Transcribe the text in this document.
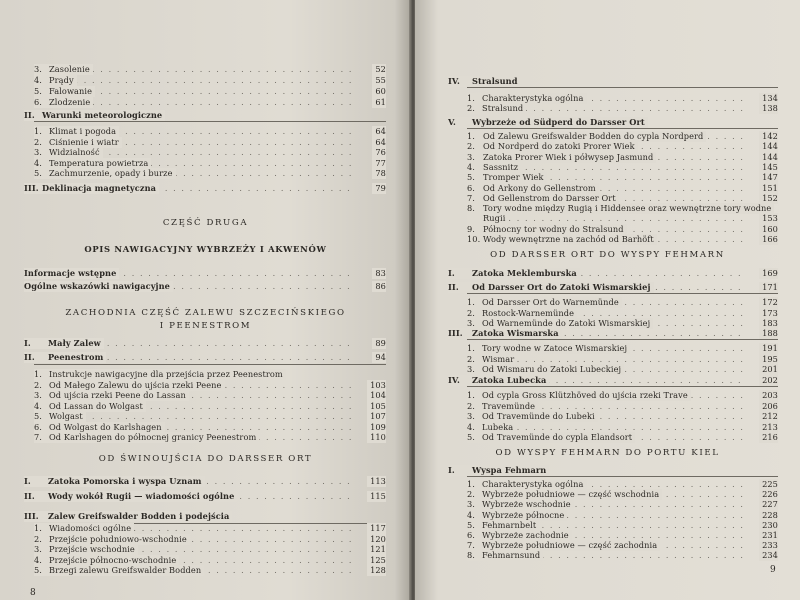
3. Zasolenie	52
. . .
4. Prądy	55
. . .
5. Falowanie	60
. . .
6. Zlodzenie	61
. . .
II. Warunki meteorologiczne
1. Klimat i pogoda	64
. . .
2. Ciśnienie i wiatr	64
. . .
3. Widzialność	76
. . .
4. Temperatura powietrza	77
. . .
5. Zachmurzenie, opady i burze	78
. . .
III. Deklinacja magnetyczna	79
. . .
CZĘŚĆ DRUGA
OPIS NAWIGACYJNY WYBRZEŻY I AKWENÓW
Informacje wstępne	83
. . .
Ogólne wskazówki nawigacyjne	86
. . .
ZACHODNIA CZĘŚĆ ZALEWU SZCZECIŃSKIEGO
I PEENESTROM
I. Mały Zalew	89
. . .
II. Peenestrom	94
. . .
1. Instrukcje nawigacyjne dla przejścia przez Peenestrom
2. Od Małego Zalewu do ujścia rzeki Peene	103
. . .
3. Od ujścia rzeki Peene do Lassan	104
. . .
4. Od Lassan do Wolgast	105
. . .
5. Wolgast	107
. . .
6. Od Wolgast do Karlshagen	109
. . .
7. Od Karlshagen do północnej granicy Peenestrom	110
. . .
OD ŚWINOUJŚCIA DO DARSSER ORT
I. Zatoka Pomorska i wyspa Uznam	113
. . .
II. Wody wokół Rugii — wiadomości ogólne	115
. . .
III. Zalew Greifswalder Bodden i podejścia
1. Wiadomości ogólne	117
. . .
2. Przejście południowo-wschodnie	120
. . .
3. Przejście wschodnie	121
. . .
4. Przejście północno-wschodnie	125
. . .
5. Brzegi zalewu Greifswalder Bodden	128
. . .
8
IV. Stralsund
1. Charakterystyka ogólna	134
. . .
2. Stralsund	138
. . .
V. Wybrzeże od Südperd do Darsser Ort
1. Od Zalewu Greifswalder Bodden do cypla Nordperd	142
. . .
2. Od Nordperd do zatoki Prorer Wiek	144
. . .
3. Zatoka Prorer Wiek i półwysep Jasmund	144
. . .
4. Sassnitz	145
. . .
5. Tromper Wiek	147
. . .
6. Od Arkony do Gellenstrom	151
. . .
7. Od Gellenstrom do Darsser Ort	152
. . .
8. Tory wodne między Rugią i Hiddensee oraz wewnętrzne tory wodne
Rugii	153
. . .
9. Północny tor wodny do Stralsund	160
. . .
10. Wody wewnętrzne na zachód od Barhöft	166
. . .
OD DARSSER ORT DO WYSPY FEHMARN
I. Zatoka Meklemburska	169
. . .
II. Od Darsser Ort do Zatoki Wismarskiej	171
. . .
1. Od Darsser Ort do Warnemünde	172
. . .
2. Rostock-Warnemünde	173
. . .
3. Od Warnemünde do Zatoki Wismarskiej	183
. . .
III. Zatoka Wismarska	188
. . .
1. Tory wodne w Zatoce Wismarskiej	191
. . .
2. Wismar	195
. . .
3. Od Wismaru do Zatoki Lubeckiej	201
. . .
IV. Zatoka Lubecka	202
. . .
1. Od cypla Gross Klützhöved do ujścia rzeki Trave	203
. . .
2. Travemünde	206
. . .
3. Od Travemünde do Lubeki	212
. . .
4. Lubeka	213
. . .
5. Od Travemünde do cypla Elandsort	216
. . .
OD WYSPY FEHMARN DO PORTU KIEL
I. Wyspa Fehmarn
1. Charakterystyka ogólna	225
. . .
2. Wybrzeże południowe — część wschodnia	226
. . .
3. Wybrzeże wschodnie	227
. . .
4. Wybrzeże północne	228
. . .
5. Fehmarnbelt	230
. . .
6. Wybrzeże zachodnie	231
. . .
7. Wybrzeże południowe — część zachodnia	233
. . .
8. Fehmarnsund	234
. . .
9
